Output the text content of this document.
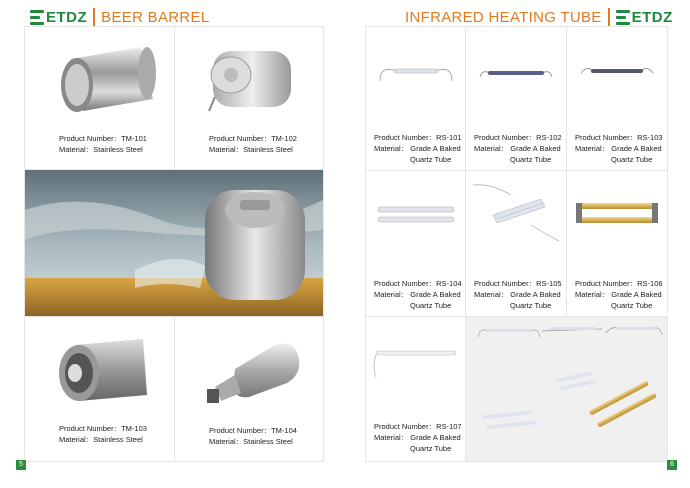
ETDZ BEER BARREL
Product Number：TM-101
Material：Stainless Steel
Product Number：TM-102
Material：Stainless Steel
Product Number：TM-103
Material：Stainless Steel
Product Number：TM-104
Material：Stainless Steel
5
INFRARED HEATING TUBE ETDZ
Product Number：RS-101
Material： Grade A Baked
Quartz Tube
Product Number：RS-102
Material： Grade A Baked
Quartz Tube
Product Number：RS-103
Material： Grade A Baked
Quartz Tube
Product Number：RS-104
Material： Grade A Baked
Quartz Tube
Product Number：RS-105
Material： Grade A Baked
Quartz Tube
Product Number：RS-106
Material： Grade A Baked
Quartz Tube
Product Number：RS-107
Material： Grade A Baked
Quartz Tube
6
